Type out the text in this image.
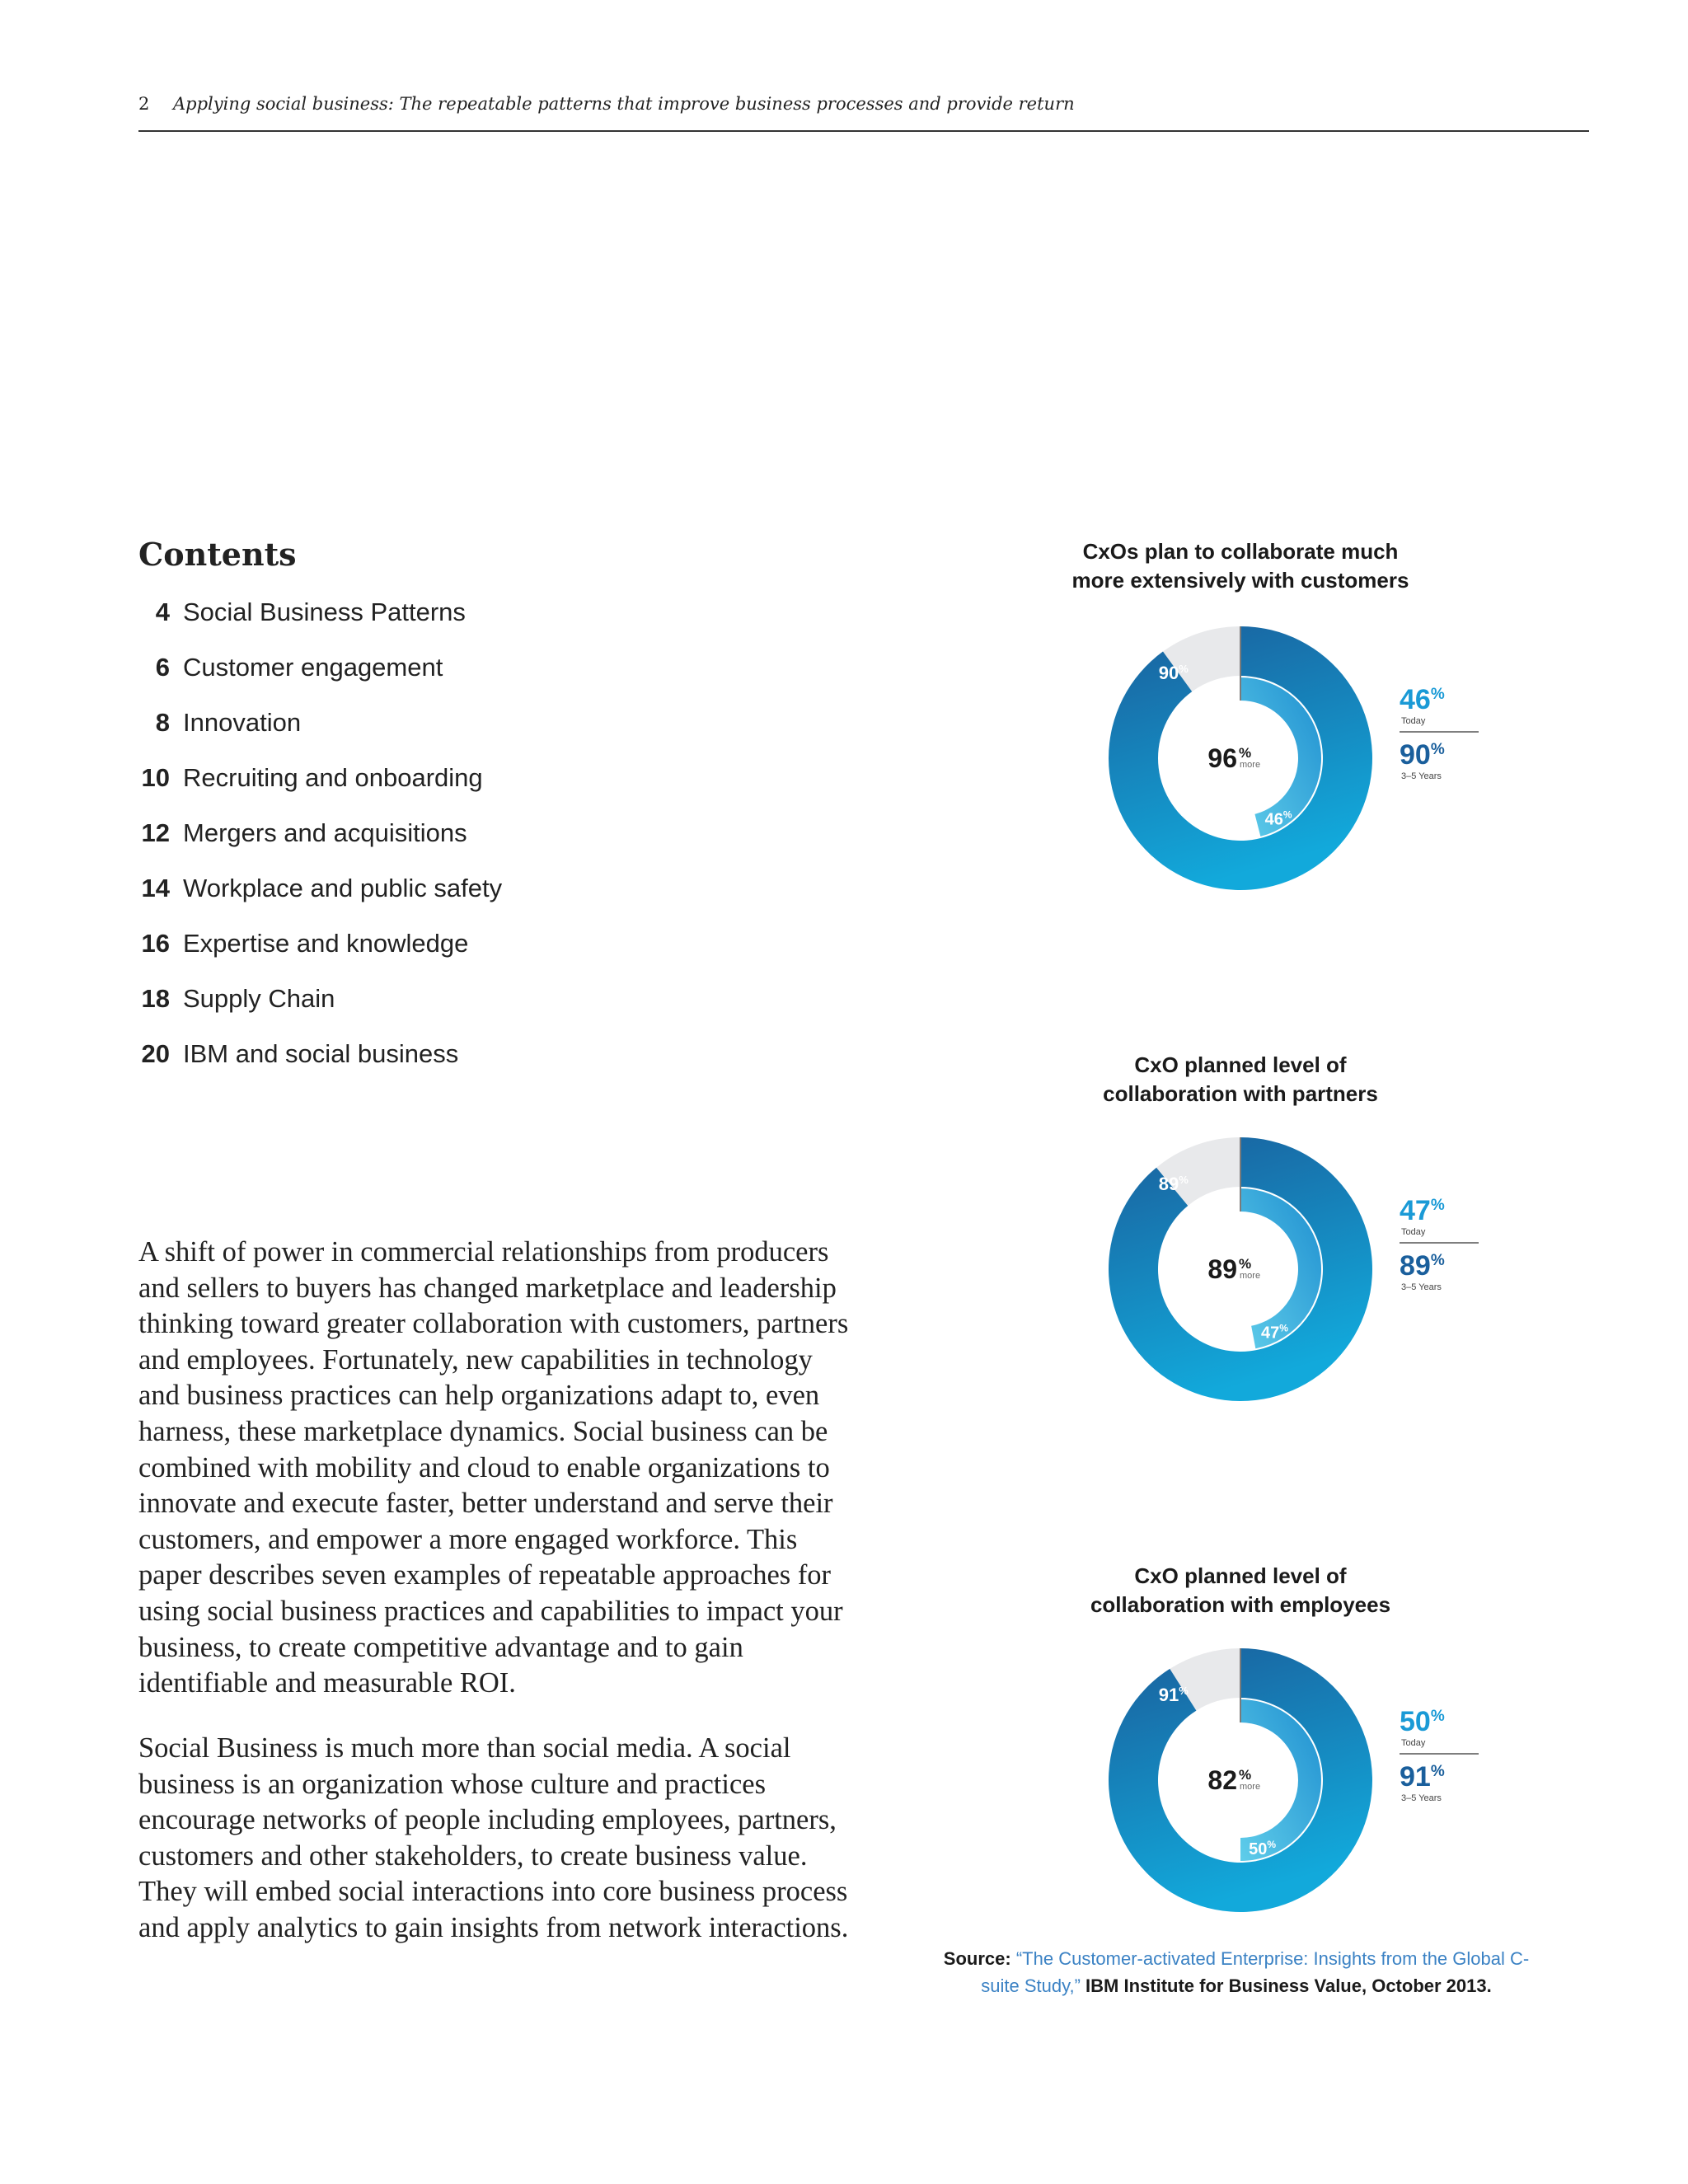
2 Applying social business: The repeatable patterns that improve business processes and provide return
Contents
4 Social Business Patterns
6 Customer engagement
8 Innovation
10 Recruiting and onboarding
12 Mergers and acquisitions
14 Workplace and public safety
16 Expertise and knowledge
18 Supply Chain
20 IBM and social business

A shift of power in commercial relationships from producers and sellers to buyers has changed marketplace and leadership thinking toward greater collaboration with customers, partners and employees. Fortunately, new capabilities in technology and business practices can help organizations adapt to, even harness, these marketplace dynamics. Social business can be combined with mobility and cloud to enable organizations to innovate and execute faster, better understand and serve their customers, and empower a more engaged workforce. This paper describes seven examples of repeatable approaches for using social business practices and capabilities to impact your business, to create competitive advantage and to gain identifiable and measurable ROI.

Social Business is much more than social media. A social business is an organization whose culture and practices encourage networks of people including employees, partners, customers and other stakeholders, to create business value. They will embed social interactions into core business process and apply analytics to gain insights from network interactions.

CxOs plan to collaborate much
more extensively with customers
CxO planned level of
collaboration with partners
CxO planned level of
collaboration with employees
90%
46%
96 %
more
46%
Today
90%
3–5 Years
89%
47%
89 %
more
47%
Today
89%
3–5 Years
91%
50%
82 %
more
50%
Today
91%
3–5 Years
Source: “The Customer-activated Enterprise: Insights from the Global C-suite Study,” IBM Institute for Business Value, October 2013.
